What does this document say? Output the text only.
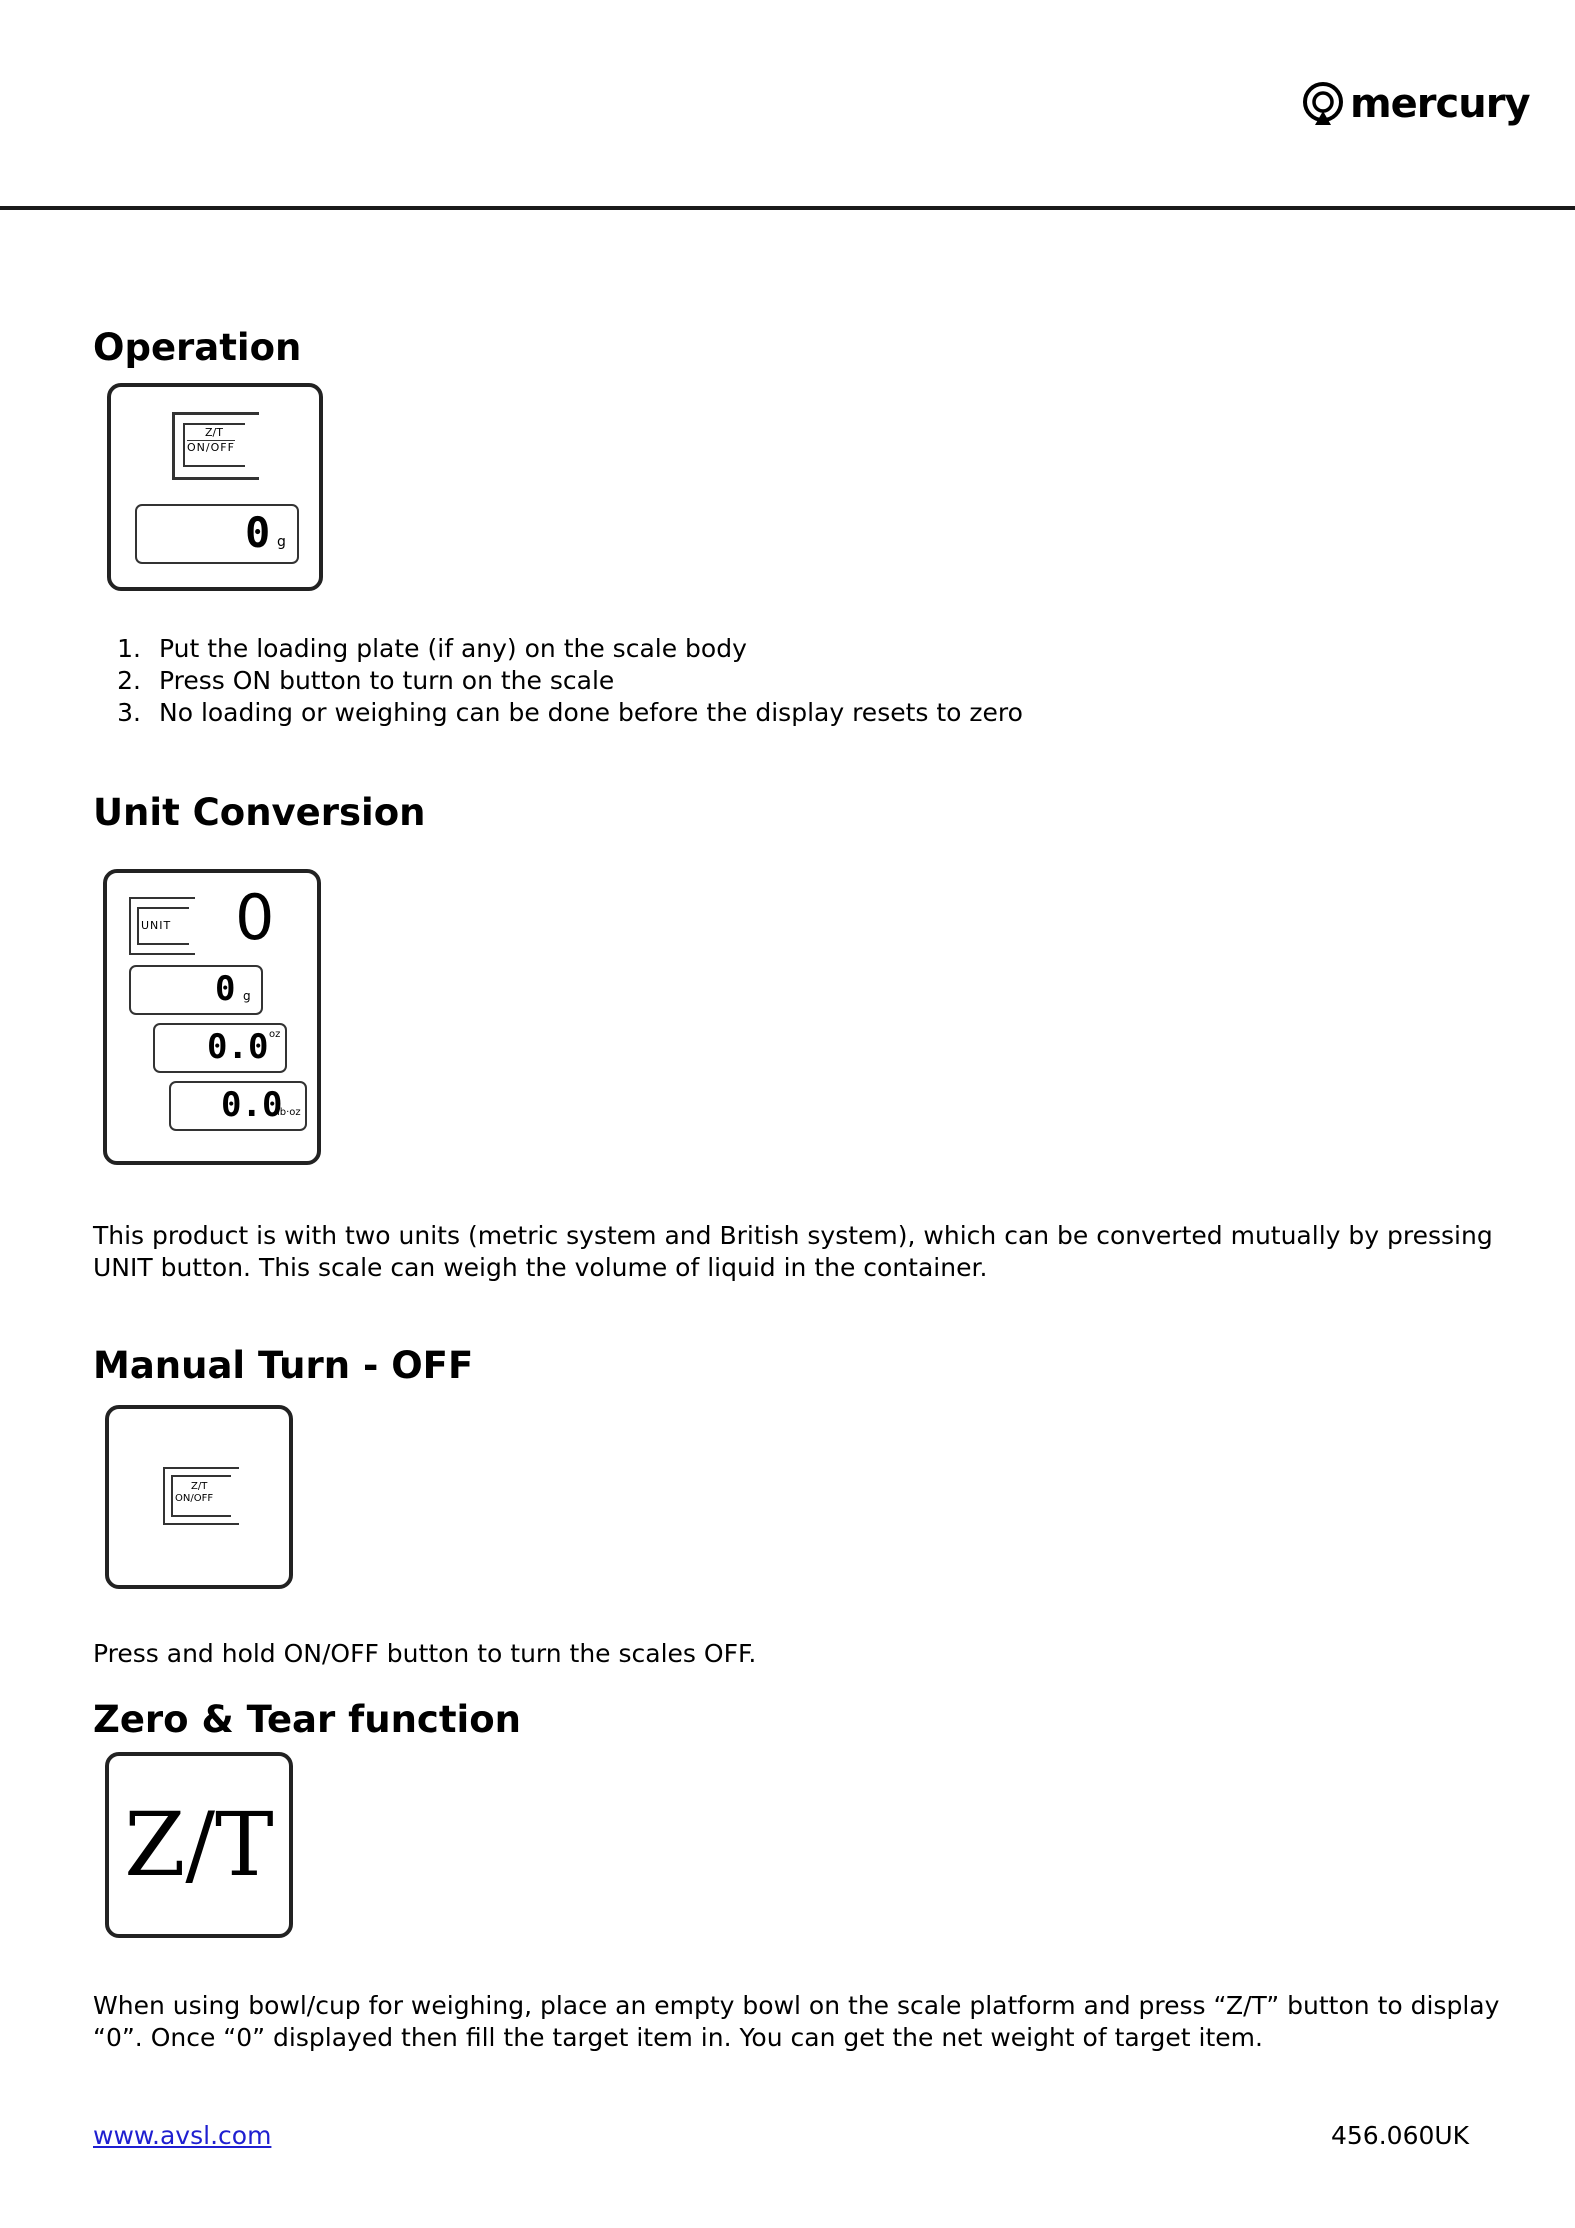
mercury
Operation
Z/T
ON/OFF
0 g
1. Put the loading plate (if any) on the scale body
2. Press ON button to turn on the scale
3. No loading or weighing can be done before the display resets to zero
Unit Conversion
UNIT 0
0 g
0.0 oz
0.0
lb·oz
This product is with two units (metric system and British system), which can be converted mutually by pressing UNIT button. This scale can weigh the volume of liquid in the container.
Manual Turn - OFF
Z/T
ON/OFF
Press and hold ON/OFF button to turn the scales OFF.
Zero & Tear function
Z/T
When using bowl/cup for weighing, place an empty bowl on the scale platform and press “Z/T” button to display “0”. Once “0” displayed then fill the target item in. You can get the net weight of target item.
www.avsl.com	456.060UK
